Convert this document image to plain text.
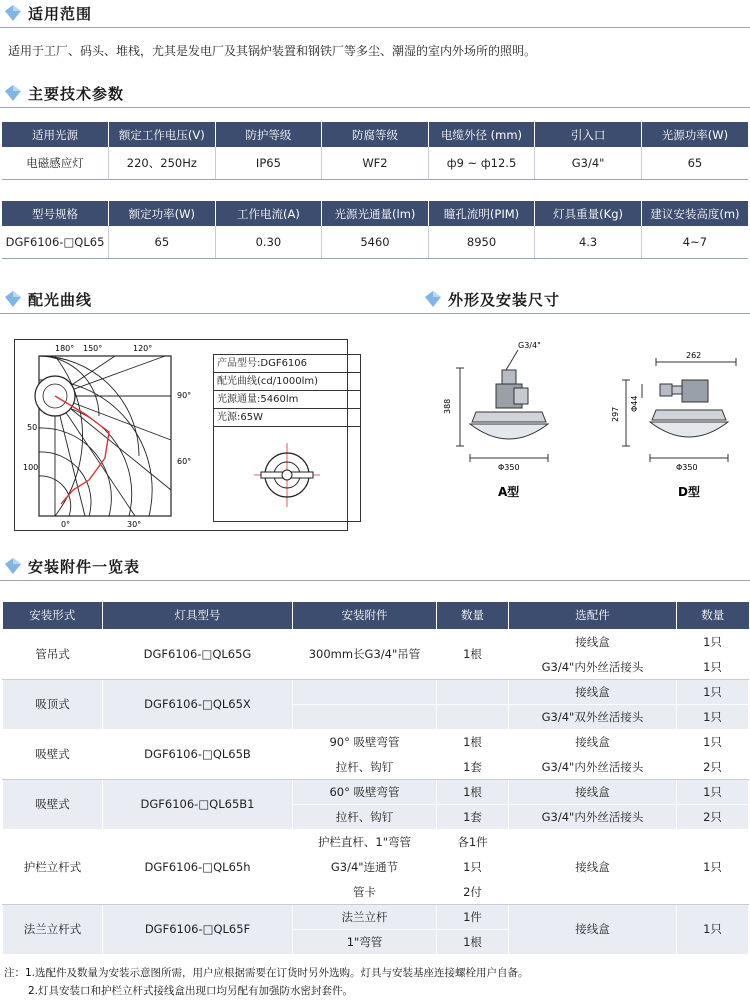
适用范围
适用于工厂、码头、堆栈，尤其是发电厂及其锅炉装置和钢铁厂等多尘、潮湿的室内外场所的照明。
主要技术参数
适用光源	额定工作电压(V)	防护等级	防腐等级	电缆外径 (mm)	引入口	光源功率(W)
电磁感应灯	220、250Hz	IP65	WF2	ф9 ~ ф12.5	G3/4"	65
型号规格	额定功率(W)	工作电流(A)	光源光通量(lm)	瞳孔流明(PIM)	灯具重量(Kg)	建议安装高度(m)
DGF6106-□QL65	65	0.30	5460	8950	4.3	4~7
配光曲线	外形及安装尺寸
180° 150°	120°
90°
60°
0°	30°
50
100
产品型号:DGF6106
配光曲线(cd/1000lm)
光源通量:5460lm
光源:65W
G3/4"
388
Φ350
A型
262
297
Φ44
Φ350
D型
安装附件一览表
安装形式	灯具型号	安装附件	数量	选配件	数量
管吊式	DGF6106-□QL65G	300mm长G3/4"吊管	1根	接线盒	1只
				G3/4"内外丝活接头	1只
吸顶式	DGF6106-□QL65X			接线盒	1只
				G3/4"双外丝活接头	1只
吸壁式	DGF6106-□QL65B	90° 吸壁弯管	1根	接线盒	1只
		拉杆、钩钉	1套	G3/4"内外丝活接头	2只
吸壁式	DGF6106-□QL65B1	60° 吸壁弯管	1根	接线盒	1只
		拉杆、钩钉	1套	G3/4"内外丝活接头	2只
护栏立杆式	DGF6106-□QL65h	护栏直杆、1"弯管	各1件	接线盒	1只
		G3/4"连通节	1只		
		管卡	2付		
法兰立杆式	DGF6106-□QL65F	法兰立杆	1件	接线盒	1只
		1"弯管	1根		
注：1.选配件及数量为安装示意图所需，用户应根据需要在订货时另外选购。灯具与安装基座连接螺栓用户自备。
2.灯具安装口和护栏立杆式接线盒出现口均另配有加强防水密封套件。
